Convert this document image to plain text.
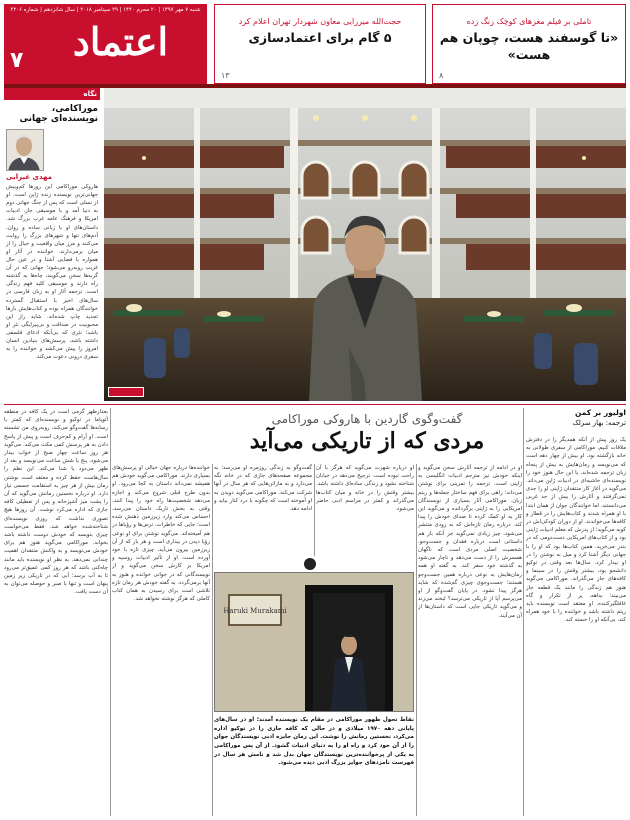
تاملی بر فیلم مغزهای کوچک زنگ زده
«تا گوسفند هست، چوپان هم هست»
۸
حجت‌الله میرزایی معاون شهردار تهران اعلام کرد
۵ گام برای اعتمادسازی
۱۳
شنبه ۷ مهر ۱۳۹۷ | ۲۰ محرم ۱۴۴۰ | ۲۹ سپتامبر ۲۰۱۸ | سال شانزدهم | شماره ۴۲۰۶
اعتماد
۷
نگاه
موراکامی، نویسنده‌ای جهانی
مهدی غبرایی
هاروکی موراکامی این روزها کم‌وبیش جهانی‌ترین نویسنده زنده ژاپن است. او از نسلی است که پس از جنگ جهانی دوم به دنیا آمد و با موسیقی جاز، ادبیات امریکا و فرهنگ عامه غرب بزرگ شد. داستان‌های او با زبانی ساده و روان، آدم‌های تنها و شهرهای بزرگ را روایت می‌کنند و مرز میان واقعیت و خیال را از میان برمی‌دارند. خواننده در آثار او همواره با فضایی آشنا و در عین حال غریب روبه‌رو می‌شود؛ جهانی که در آن گربه‌ها سخن می‌گویند، چاه‌ها به گذشته راه دارند و موسیقی کلید فهم زندگی است. ترجمه آثار او به زبان فارسی در سال‌های اخیر با استقبال گسترده خوانندگان همراه بوده و کتاب‌هایش بارها تجدید چاپ شده‌اند. شاید راز این محبوبیت در صداقت و بی‌پیرایگی نثر او باشد؛ نثری که بی‌آنکه ادعای فلسفی داشته باشد، پرسش‌های بنیادین انسان امروز را پیش می‌کشد و خواننده را به سفری درونی دعوت می‌کند.
اولیور بر کمن
ترجمه: بهار سرلک
گفت‌وگوی گاردین با هاروکی موراکامی
مردی که از تاریکی می‌آید	یک روز پیش از آنکه همدیگر را در دفترش ملاقات کنیم، موراکامی از سفری طولانی به خانه بازگشته بود. او بیش از چهار دهه است که می‌نویسد و رمان‌هایش به بیش از پنجاه زبان ترجمه شده‌اند. با این حال هنوز خود را نویسنده‌ای حاشیه‌ای در ادبیات ژاپن می‌داند. می‌گوید در آغاز کار منتقدان ژاپنی او را جدی نمی‌گرفتند و آثارش را بیش از حد غربی می‌دانستند. اما خوانندگان جوان از همان ابتدا با او همراه شدند و کتاب‌هایش را در قطار و کافه‌ها می‌خواندند. او از دوران کودکی‌اش در کوبه می‌گوید؛ از پدرش که معلم ادبیات ژاپنی بود و از کتاب‌های امریکایی دست‌دومی که در بندر می‌خرید. همین کتاب‌ها بود که او را با جهانی دیگر آشنا کرد و میل به نوشتن را در او بیدار کرد. سال‌ها بعد وقتی در توکیو دانشجو بود، بیشتر وقتش را در سینما و کافه‌های جاز می‌گذراند. موراکامی می‌گوید هنوز هم زندگی را مانند یک قطعه جاز می‌بیند؛ بداهه، پر از تکرار و گاه غافلگیرکننده. او معتقد است نویسنده باید ریتم داشته باشد و خواننده را با خود همراه کند، بی‌آنکه او را خسته کند.
او در ادامه از ترجمه آثارش سخن می‌گوید و اینکه خودش نیز مترجم ادبیات انگلیسی به ژاپنی است. ترجمه را تمرینی برای نوشتن می‌داند؛ راهی برای فهم ساختار جمله‌ها و ریتم زبان. موراکامی آثار بسیاری از نویسندگان امریکایی را به ژاپنی برگردانده و می‌گوید این کار به او کمک کرده تا صدای خودش را پیدا کند. درباره رمان تازه‌اش که به زودی منتشر می‌شود، چیز زیادی نمی‌گوید جز آنکه باز هم داستانی است درباره فقدان و جست‌وجو. شخصیت اصلی مردی است که ناگهان همسرش را از دست می‌دهد و ناچار می‌شود به گذشته خود سفر کند. به گفته او همه رمان‌هایش به نوعی درباره همین جست‌وجو هستند؛ جست‌وجوی چیزی گم‌شده که شاید هرگز پیدا نشود. در پایان گفت‌وگو از او می‌پرسم آیا از تاریکی می‌ترسد؟ لبخند می‌زند و می‌گوید تاریکی جایی است که داستان‌ها از آن می‌آیند.
او درباره شهرت می‌گوید که هرگز با آن راحت نبوده است. ترجیح می‌دهد در خیابان شناخته نشود و زندگی ساده‌ای داشته باشد. بیشتر وقتش را در خانه و میان کتاب‌ها می‌گذراند و کمتر در مراسم ادبی حاضر می‌شود.
گفت‌وگو به زندگی روزمره او می‌رسد؛ به مجموعه صفحه‌های جازی که در خانه نگه می‌دارد و به ماراتن‌هایی که هر سال در آنها شرکت می‌کند. موراکامی می‌گوید دویدن به او آموخته است که چگونه با درد کنار بیاید و ادامه دهد.
خواننده‌ها درباره جهان خیالی او پرسش‌های بسیاری دارند. موراکامی می‌گوید خودش هم همیشه نمی‌داند داستان به کجا می‌رود. او بدون طرح قبلی شروع می‌کند و اجازه می‌دهد شخصیت‌ها راه خود را پیدا کنند. وقتی به بخش تاریک داستان می‌رسد، احساس می‌کند وارد زیرزمین ذهنش شده است؛ جایی که خاطرات، ترس‌ها و رؤیاها در هم آمیخته‌اند. می‌گوید نوشتن برای او نوعی رؤیا دیدن در بیداری است و هر بار که از آن زیرزمین بیرون می‌آید، چیزی تازه با خود آورده است. او از تأثیر ادبیات روسیه و امریکا بر کارش سخن می‌گوید و از نویسندگانی که در جوانی خوانده و هنوز به آنها برمی‌گردد. به گفته خودش هر رمان تازه تلاشی است برای رسیدن به همان کتاب کاملی که هرگز نوشته نخواهد شد.
بعدازظهر گرمی است در یک کافه در منطقه آئوياما در توکیو و نویسنده‌ای که کمتر با رسانه‌ها گفت‌وگو می‌کند، روبه‌روی من نشسته است. او آرام و کم‌حرف است و پیش از پاسخ دادن به هر پرسش کمی مکث می‌کند. می‌گوید هر روز ساعت چهار صبح از خواب بیدار می‌شود، پنج یا شش ساعت می‌نویسد و بعد از ظهر می‌دود یا شنا می‌کند. این نظم را سال‌هاست حفظ کرده و معتقد است نوشتن رمان بیش از هر چیز به استقامت جسمی نیاز دارد. او درباره نخستین رمانش می‌گوید که آن را پشت میز آشپزخانه و پس از تعطیلی کافه جازی که اداره می‌کرد نوشت. آن روزها هیچ تصوری نداشت که روزی نویسنده‌ای شناخته‌شده خواهد شد. فقط می‌خواست چیزی بنویسد که خودش دوست داشته باشد بخواند. موراکامی می‌گوید هنوز هم برای خودش می‌نویسد و به واکنش منتقدان اهمیت چندانی نمی‌دهد. به نظر او نویسنده باید مانند چاه‌کنی باشد که هر روز کمی عمیق‌تر می‌رود تا به آب برسد؛ آبی که در تاریکی زیر زمین پنهان است و تنها با صبر و حوصله می‌توان به آن دست یافت.
Haruki Murakami
نقاط تحول ظهور موراکامی در مقام یک نویسنده آمدند؛ او در سال‌های پایانی دهه ۱۹۷۰ میلادی و در حالی که کافه جازی را در توکیو اداره می‌کرد، نخستین رمانش را نوشت. این رمان جایزه ادبی نویسندگان جوان را از آن خود کرد و راه او را به دنیای ادبیات گشود. از آن پس موراکامی به یکی از پرخواننده‌ترین نویسندگان جهان بدل شد و نامش هر سال در فهرست نامزدهای جوایز بزرگ ادبی دیده می‌شود.
